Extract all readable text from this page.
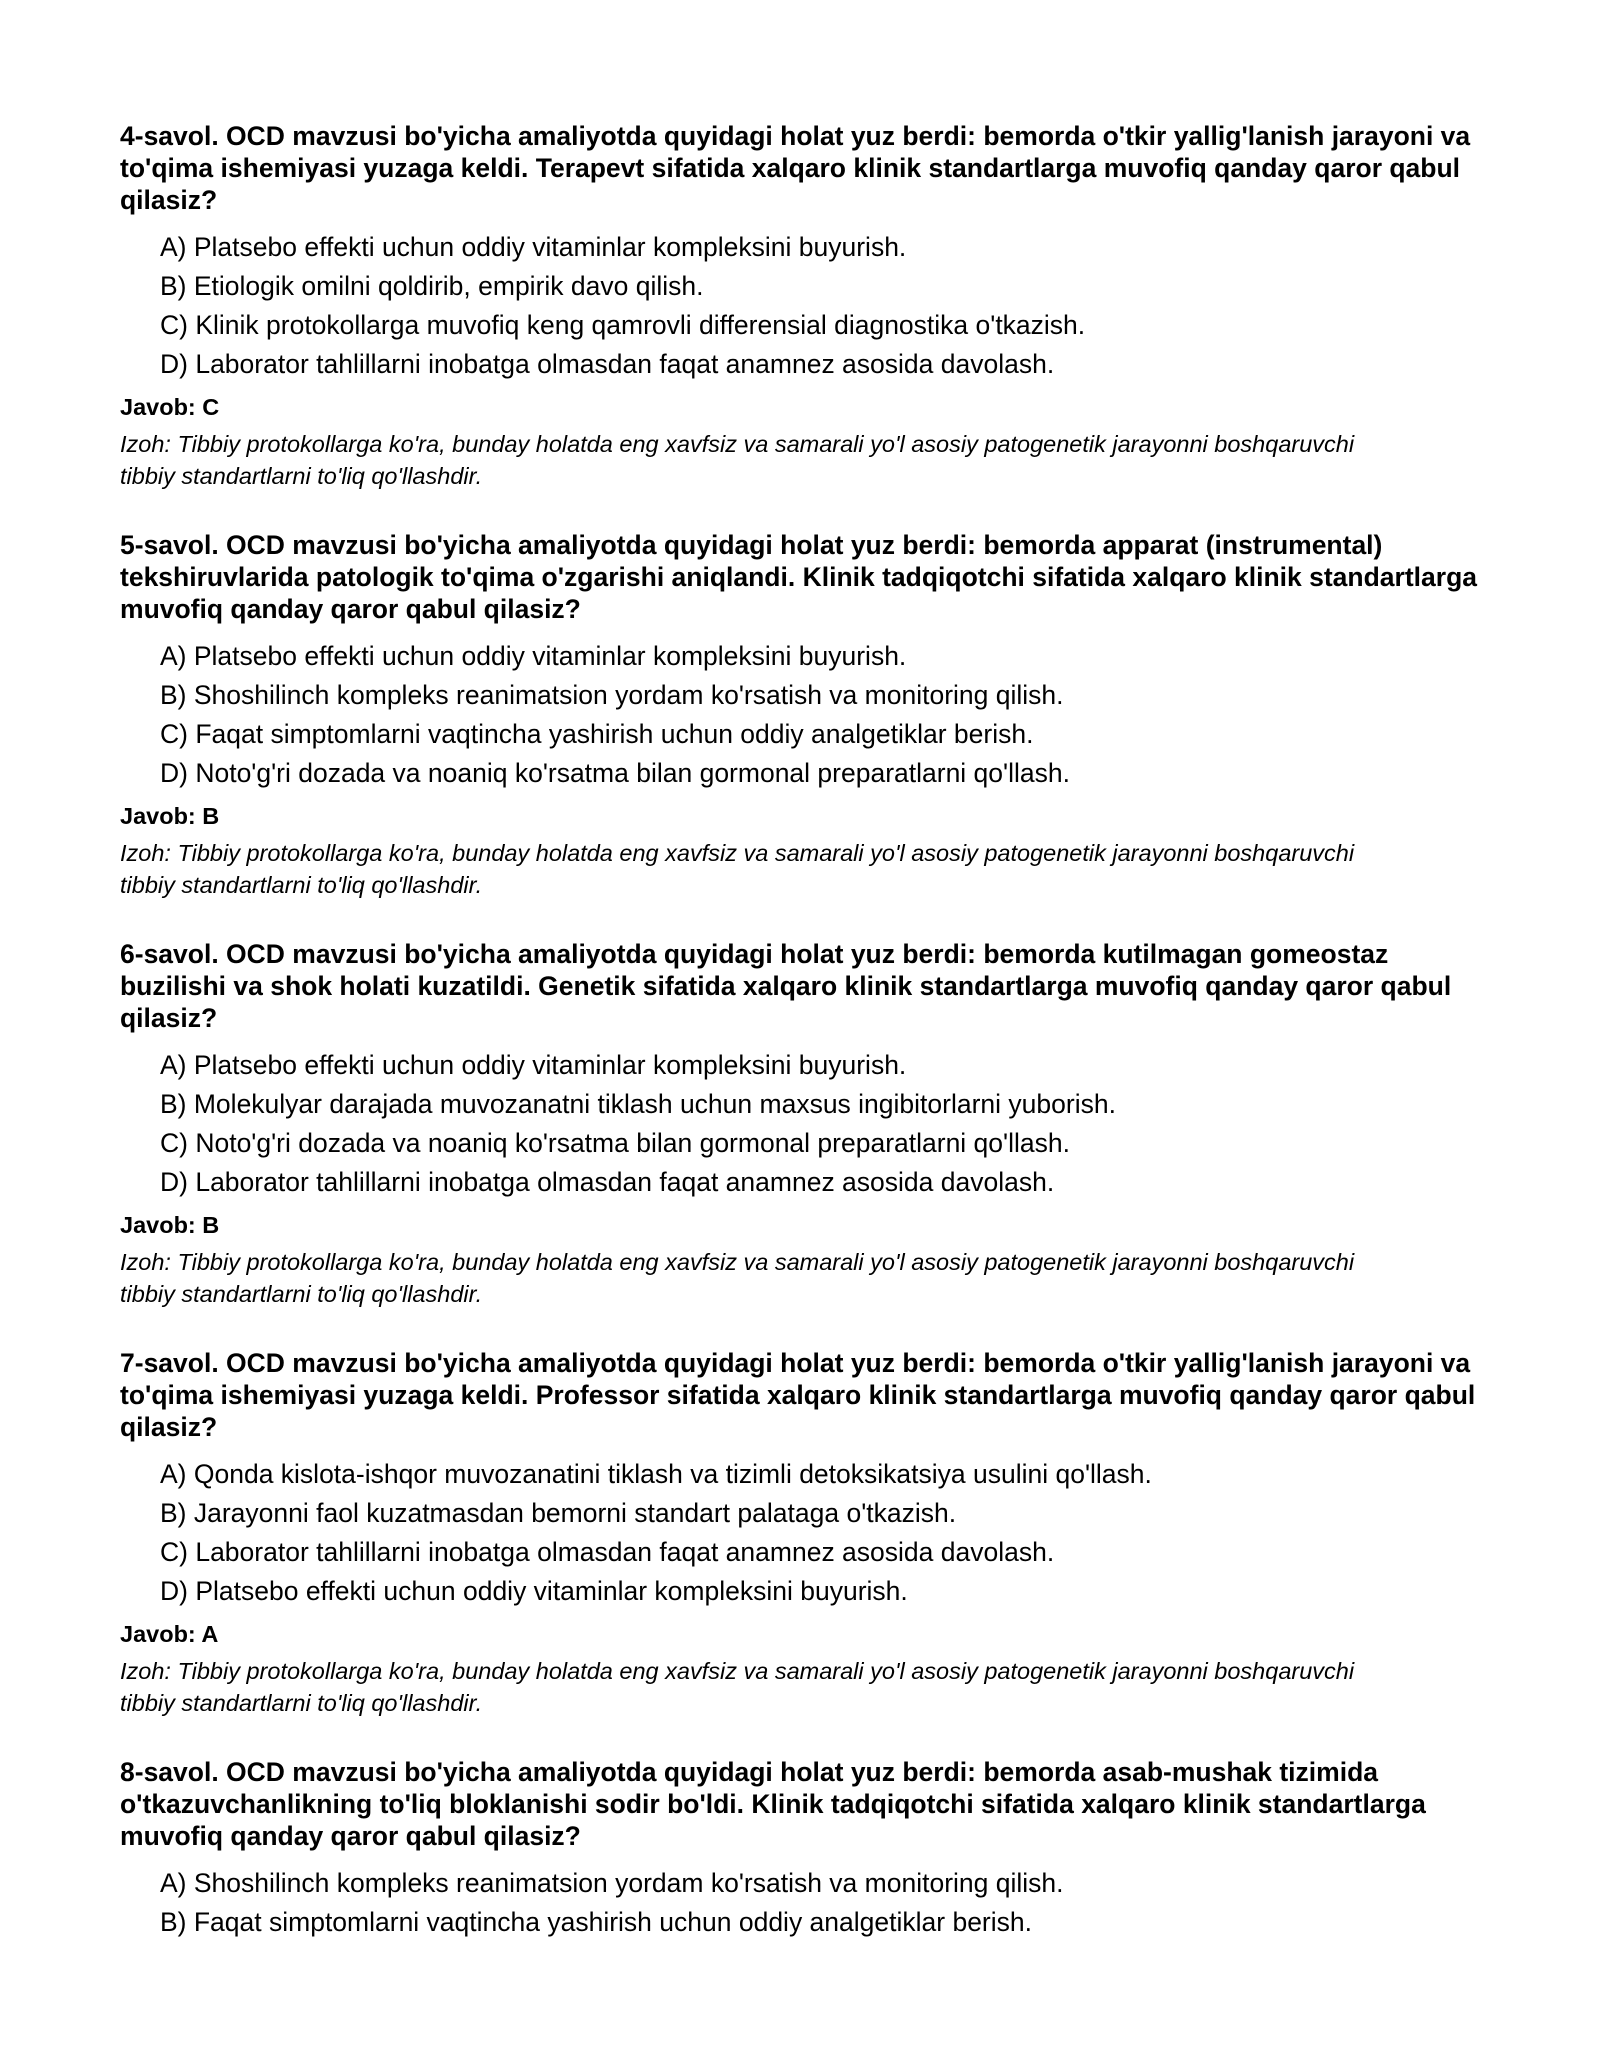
4-savol. OCD mavzusi bo'yicha amaliyotda quyidagi holat yuz berdi: bemorda o'tkir yallig'lanish jarayoni va to'qima ishemiyasi yuzaga keldi. Terapevt sifatida xalqaro klinik standartlarga muvofiq qanday qaror qabul qilasiz?

A) Platsebo effekti uchun oddiy vitaminlar kompleksini buyurish.
B) Etiologik omilni qoldirib, empirik davo qilish.
C) Klinik protokollarga muvofiq keng qamrovli differensial diagnostika o'tkazish.
D) Laborator tahlillarni inobatga olmasdan faqat anamnez asosida davolash.
Javob: C
Izoh: Tibbiy protokollarga ko'ra, bunday holatda eng xavfsiz va samarali yo'l asosiy patogenetik jarayonni boshqaruvchi tibbiy standartlarni to'liq qo'llashdir.

5-savol. OCD mavzusi bo'yicha amaliyotda quyidagi holat yuz berdi: bemorda apparat (instrumental) tekshiruvlarida patologik to'qima o'zgarishi aniqlandi. Klinik tadqiqotchi sifatida xalqaro klinik standartlarga muvofiq qanday qaror qabul qilasiz?

A) Platsebo effekti uchun oddiy vitaminlar kompleksini buyurish.
B) Shoshilinch kompleks reanimatsion yordam ko'rsatish va monitoring qilish.
C) Faqat simptomlarni vaqtincha yashirish uchun oddiy analgetiklar berish.
D) Noto'g'ri dozada va noaniq ko'rsatma bilan gormonal preparatlarni qo'llash.
Javob: B
Izoh: Tibbiy protokollarga ko'ra, bunday holatda eng xavfsiz va samarali yo'l asosiy patogenetik jarayonni boshqaruvchi tibbiy standartlarni to'liq qo'llashdir.

6-savol. OCD mavzusi bo'yicha amaliyotda quyidagi holat yuz berdi: bemorda kutilmagan gomeostaz buzilishi va shok holati kuzatildi. Genetik sifatida xalqaro klinik standartlarga muvofiq qanday qaror qabul qilasiz?

A) Platsebo effekti uchun oddiy vitaminlar kompleksini buyurish.
B) Molekulyar darajada muvozanatni tiklash uchun maxsus ingibitorlarni yuborish.
C) Noto'g'ri dozada va noaniq ko'rsatma bilan gormonal preparatlarni qo'llash.
D) Laborator tahlillarni inobatga olmasdan faqat anamnez asosida davolash.
Javob: B
Izoh: Tibbiy protokollarga ko'ra, bunday holatda eng xavfsiz va samarali yo'l asosiy patogenetik jarayonni boshqaruvchi tibbiy standartlarni to'liq qo'llashdir.

7-savol. OCD mavzusi bo'yicha amaliyotda quyidagi holat yuz berdi: bemorda o'tkir yallig'lanish jarayoni va to'qima ishemiyasi yuzaga keldi. Professor sifatida xalqaro klinik standartlarga muvofiq qanday qaror qabul qilasiz?

A) Qonda kislota-ishqor muvozanatini tiklash va tizimli detoksikatsiya usulini qo'llash.
B) Jarayonni faol kuzatmasdan bemorni standart palataga o'tkazish.
C) Laborator tahlillarni inobatga olmasdan faqat anamnez asosida davolash.
D) Platsebo effekti uchun oddiy vitaminlar kompleksini buyurish.
Javob: A
Izoh: Tibbiy protokollarga ko'ra, bunday holatda eng xavfsiz va samarali yo'l asosiy patogenetik jarayonni boshqaruvchi tibbiy standartlarni to'liq qo'llashdir.

8-savol. OCD mavzusi bo'yicha amaliyotda quyidagi holat yuz berdi: bemorda asab-mushak tizimida o'tkazuvchanlikning to'liq bloklanishi sodir bo'ldi. Klinik tadqiqotchi sifatida xalqaro klinik standartlarga muvofiq qanday qaror qabul qilasiz?

A) Shoshilinch kompleks reanimatsion yordam ko'rsatish va monitoring qilish.
B) Faqat simptomlarni vaqtincha yashirish uchun oddiy analgetiklar berish.
